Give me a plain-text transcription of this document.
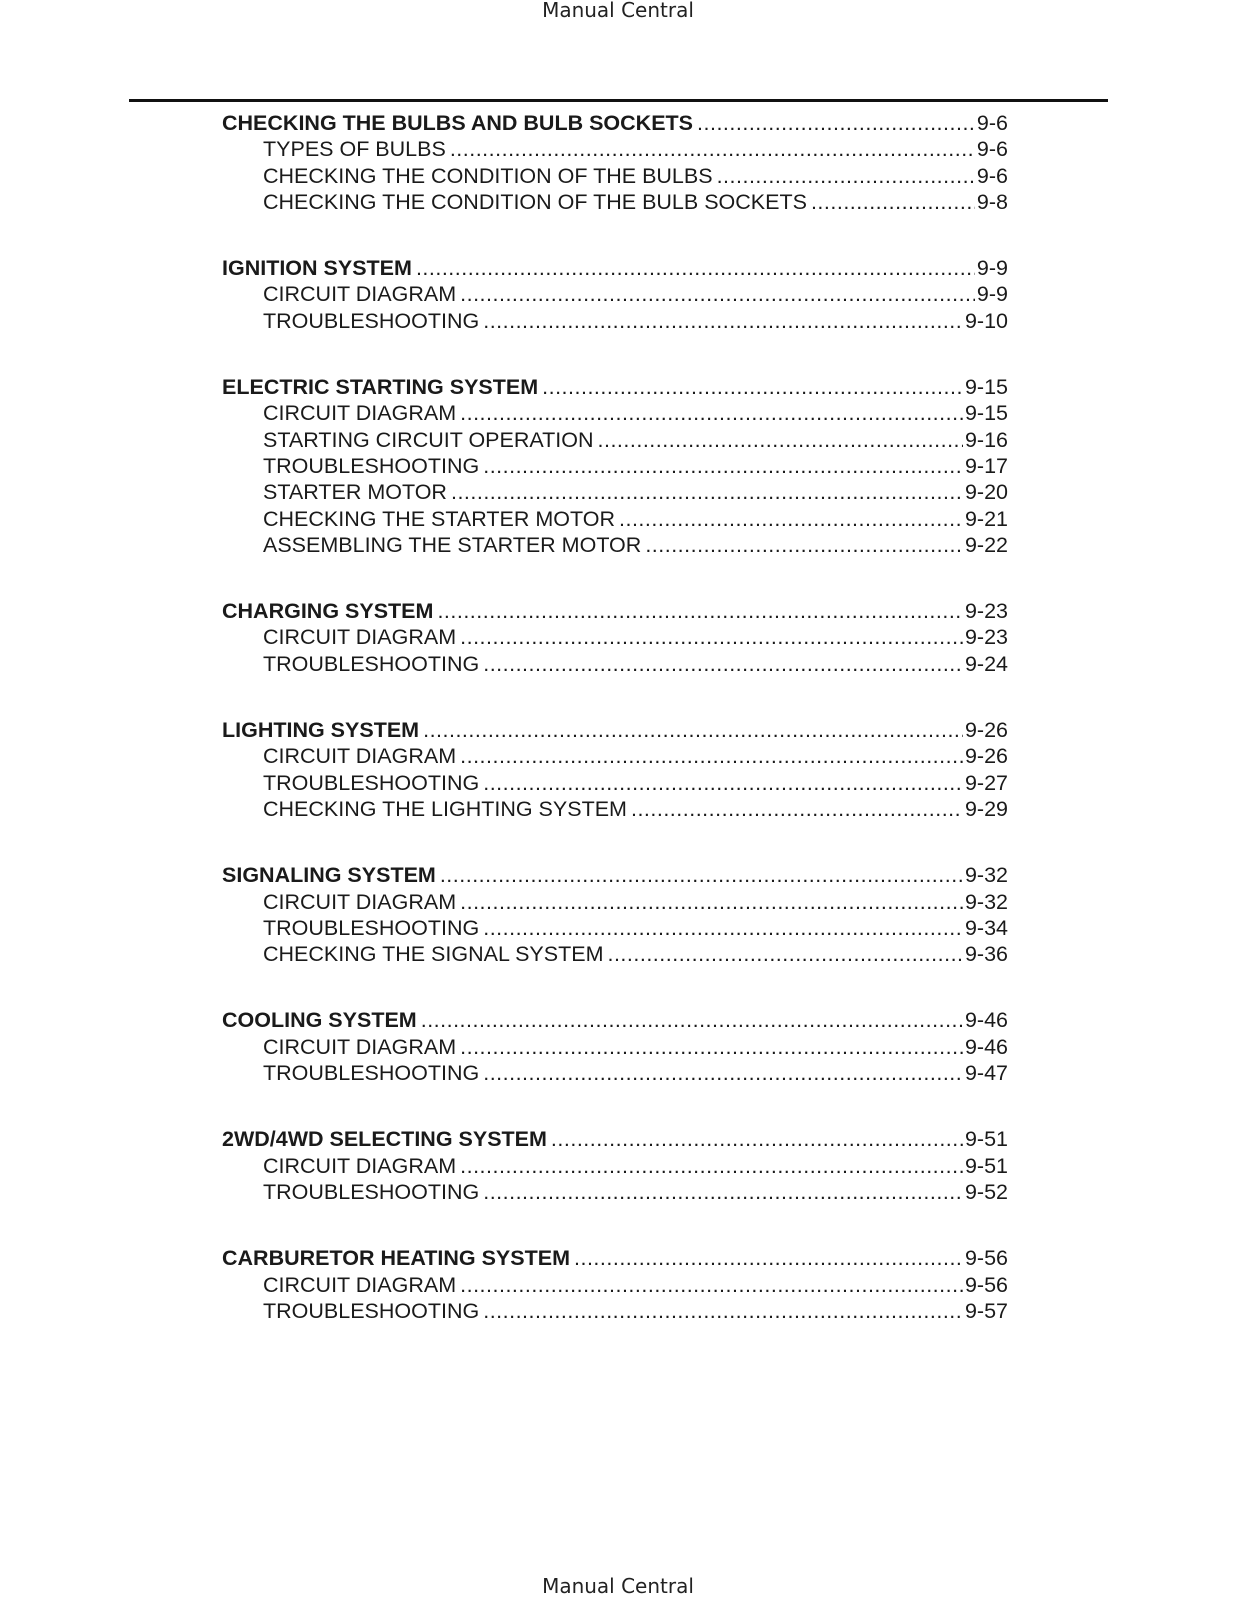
Manual Central
CHECKING THE BULBS AND BULB SOCKETS .....	9-6
TYPES OF BULBS .....	9-6
CHECKING THE CONDITION OF THE BULBS .....	9-6
CHECKING THE CONDITION OF THE BULB SOCKETS .....	9-8
IGNITION SYSTEM .....	9-9
CIRCUIT DIAGRAM .....	9-9
TROUBLESHOOTING .....	9-10
ELECTRIC STARTING SYSTEM .....	9-15
CIRCUIT DIAGRAM .....	9-15
STARTING CIRCUIT OPERATION .....	9-16
TROUBLESHOOTING .....	9-17
STARTER MOTOR .....	9-20
CHECKING THE STARTER MOTOR .....	9-21
ASSEMBLING THE STARTER MOTOR .....	9-22
CHARGING SYSTEM .....	9-23
CIRCUIT DIAGRAM .....	9-23
TROUBLESHOOTING .....	9-24
LIGHTING SYSTEM .....	9-26
CIRCUIT DIAGRAM .....	9-26
TROUBLESHOOTING .....	9-27
CHECKING THE LIGHTING SYSTEM .....	9-29
SIGNALING SYSTEM .....	9-32
CIRCUIT DIAGRAM .....	9-32
TROUBLESHOOTING .....	9-34
CHECKING THE SIGNAL SYSTEM .....	9-36
COOLING SYSTEM .....	9-46
CIRCUIT DIAGRAM .....	9-46
TROUBLESHOOTING .....	9-47
2WD/4WD SELECTING SYSTEM .....	9-51
CIRCUIT DIAGRAM .....	9-51
TROUBLESHOOTING .....	9-52
CARBURETOR HEATING SYSTEM .....	9-56
CIRCUIT DIAGRAM .....	9-56
TROUBLESHOOTING .....	9-57
Manual Central
